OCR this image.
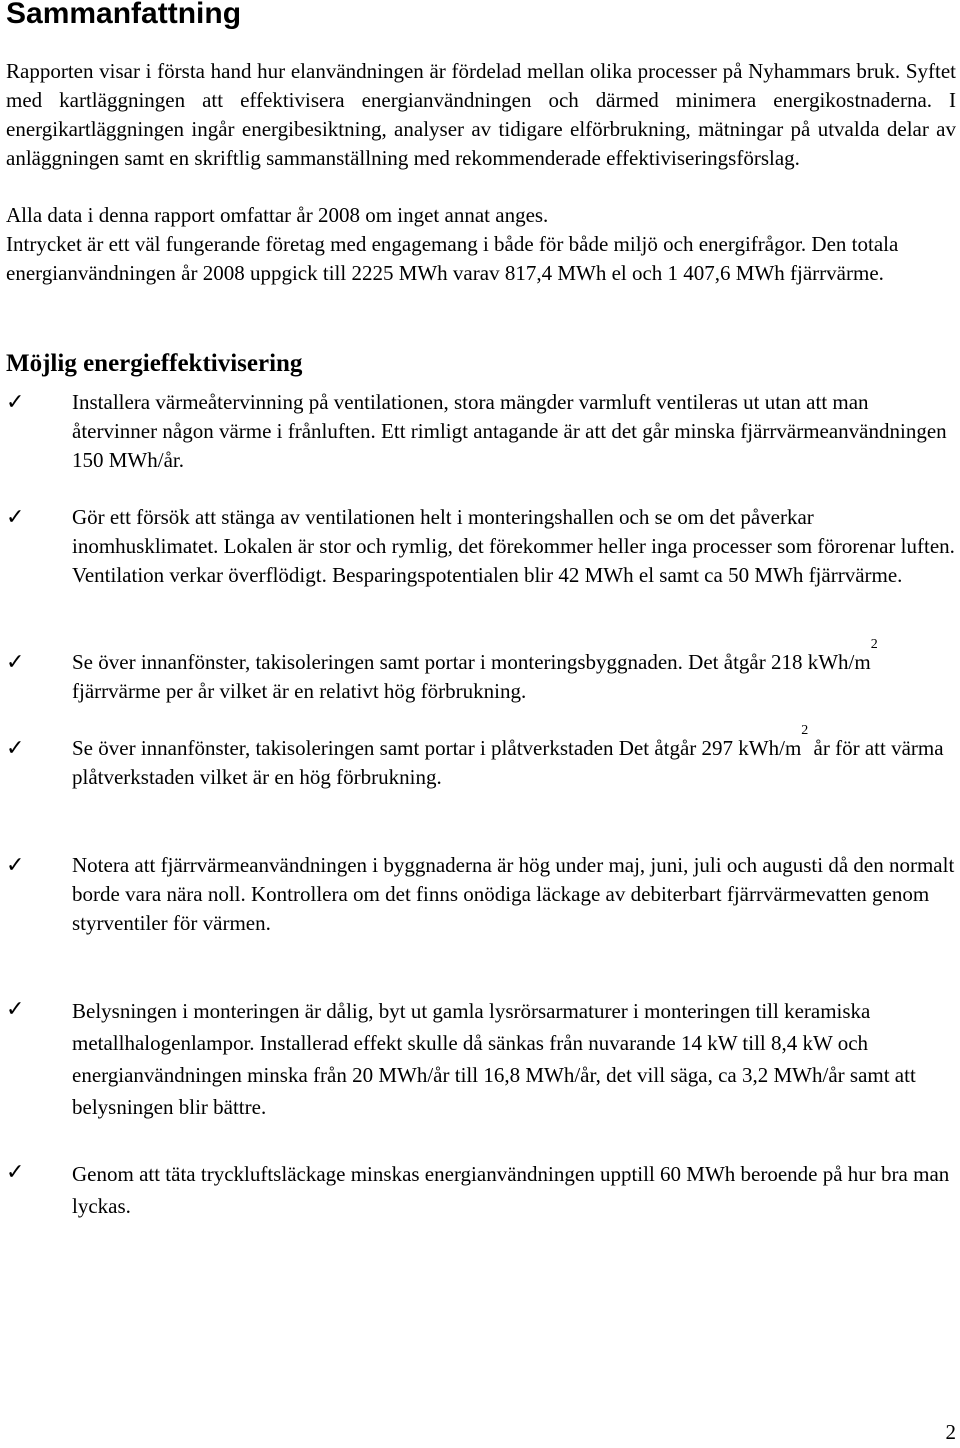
Sammanfattning

Rapporten visar i första hand hur elanvändningen är fördelad mellan olika processer på Nyhammars bruk. Syftet med kartläggningen att effektivisera energianvändningen och därmed minimera energikostnaderna. I energikartläggningen ingår energibesiktning, analyser av tidigare elförbrukning, mätningar på utvalda delar av anläggningen samt en skriftlig sammanställning med rekommenderade effektiviseringsförslag.

Alla data i denna rapport omfattar år 2008 om inget annat anges.

Intrycket är ett väl fungerande företag med engagemang i både för både miljö och energifrågor. Den totala energianvändningen år 2008 uppgick till 2225 MWh varav 817,4 MWh el och 1 407,6 MWh fjärrvärme.

Möjlig energieffektivisering
✓ Installera värmeåtervinning på ventilationen, stora mängder varmluft ventileras ut utan att man återvinner någon värme i frånluften. Ett rimligt antagande är att det går minska fjärrvärmeanvändningen 150 MWh/år.

✓ Gör ett försök att stänga av ventilationen helt i monteringshallen och se om det påverkar inomhusklimatet. Lokalen är stor och rymlig, det förekommer heller inga processer som förorenar luften. Ventilation verkar överflödigt. Besparingspotentialen blir 42 MWh el samt ca 50 MWh fjärrvärme.

✓ Se över innanfönster, takisoleringen samt portar i monteringsbyggnaden. Det åtgår 218 kWh/$m^2$ fjärrvärme per år vilket är en relativt hög förbrukning.

✓ Se över innanfönster, takisoleringen samt portar i plåtverkstaden Det åtgår 297 kWh/$m^2$ år för att värma plåtverkstaden vilket är en hög förbrukning.

✓ Notera att fjärrvärmeanvändningen i byggnaderna är hög under maj, juni, juli och augusti då den normalt borde vara nära noll. Kontrollera om det finns onödiga läckage av debiterbart fjärrvärmevatten genom styrventiler för värmen.

✓ Belysningen i monteringen är dålig, byt ut gamla lysrörsarmaturer i monteringen till keramiska metallhalogenlampor. Installerad effekt skulle då sänkas från nuvarande 14 kW till 8,4 kW och energianvändningen minska från 20 MWh/år till 16,8 MWh/år, det vill säga, ca 3,2 MWh/år samt att belysningen blir bättre.

✓ Genom att täta tryckluftsläckage minskas energianvändningen upptill 60 MWh beroende på hur bra man lyckas.

2
